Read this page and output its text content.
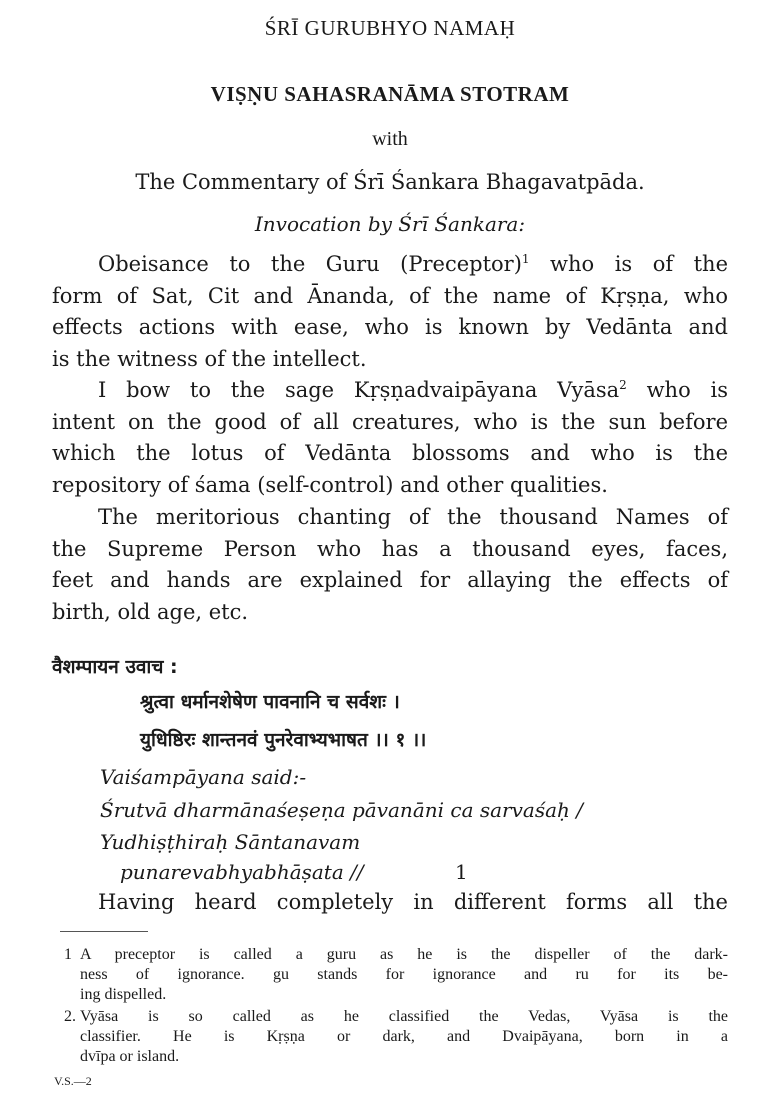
ŚRĪ GURUBHYO NAMAḤ
VIṢṆU SAHASRANĀMA STOTRAM
with
The Commentary of Śrī Śankara Bhagavatpāda.
Invocation by Śrī Śankara:
Obeisance to the Guru (Preceptor)$^1$ who is of the
form of Sat, Cit and Ānanda, of the name of Kṛṣṇa, who
effects actions with ease, who is known by Vedānta and
is the witness of the intellect.
I bow to the sage Kṛṣṇadvaipāyana Vyāsa$^2$ who is
intent on the good of all creatures, who is the sun before
which the lotus of Vedānta blossoms and who is the
repository of śama (self-control) and other qualities.
The meritorious chanting of the thousand Names of
the Supreme Person who has a thousand eyes, faces,
feet and hands are explained for allaying the effects of
birth, old age, etc.
वैशम्पायन उवाच :
श्रुत्वा धर्मानशेषेण पावनानि च सर्वशः ।
युधिष्ठिरः शान्तनवं पुनरेवाभ्यभाषत ।। १ ।।
Vaiśampāyana said:-
Śrutvā dharmānaśeṣeṇa pāvanāni ca sarvaśaḥ /
Yudhiṣṭhiraḥ Sāntanavam
punarevabhyabhāṣata //	1
Having heard completely in different forms all the
1 A preceptor is called a guru as he is the dispeller of the dark-
ness of ignorance. gu stands for ignorance and ru for its be-
ing dispelled.
2. Vyāsa is so called as he classified the Vedas, Vyāsa is the
classifier. He is Kṛṣṇa or dark, and Dvaipāyana, born in a
dvīpa or island.
V.S.—2
